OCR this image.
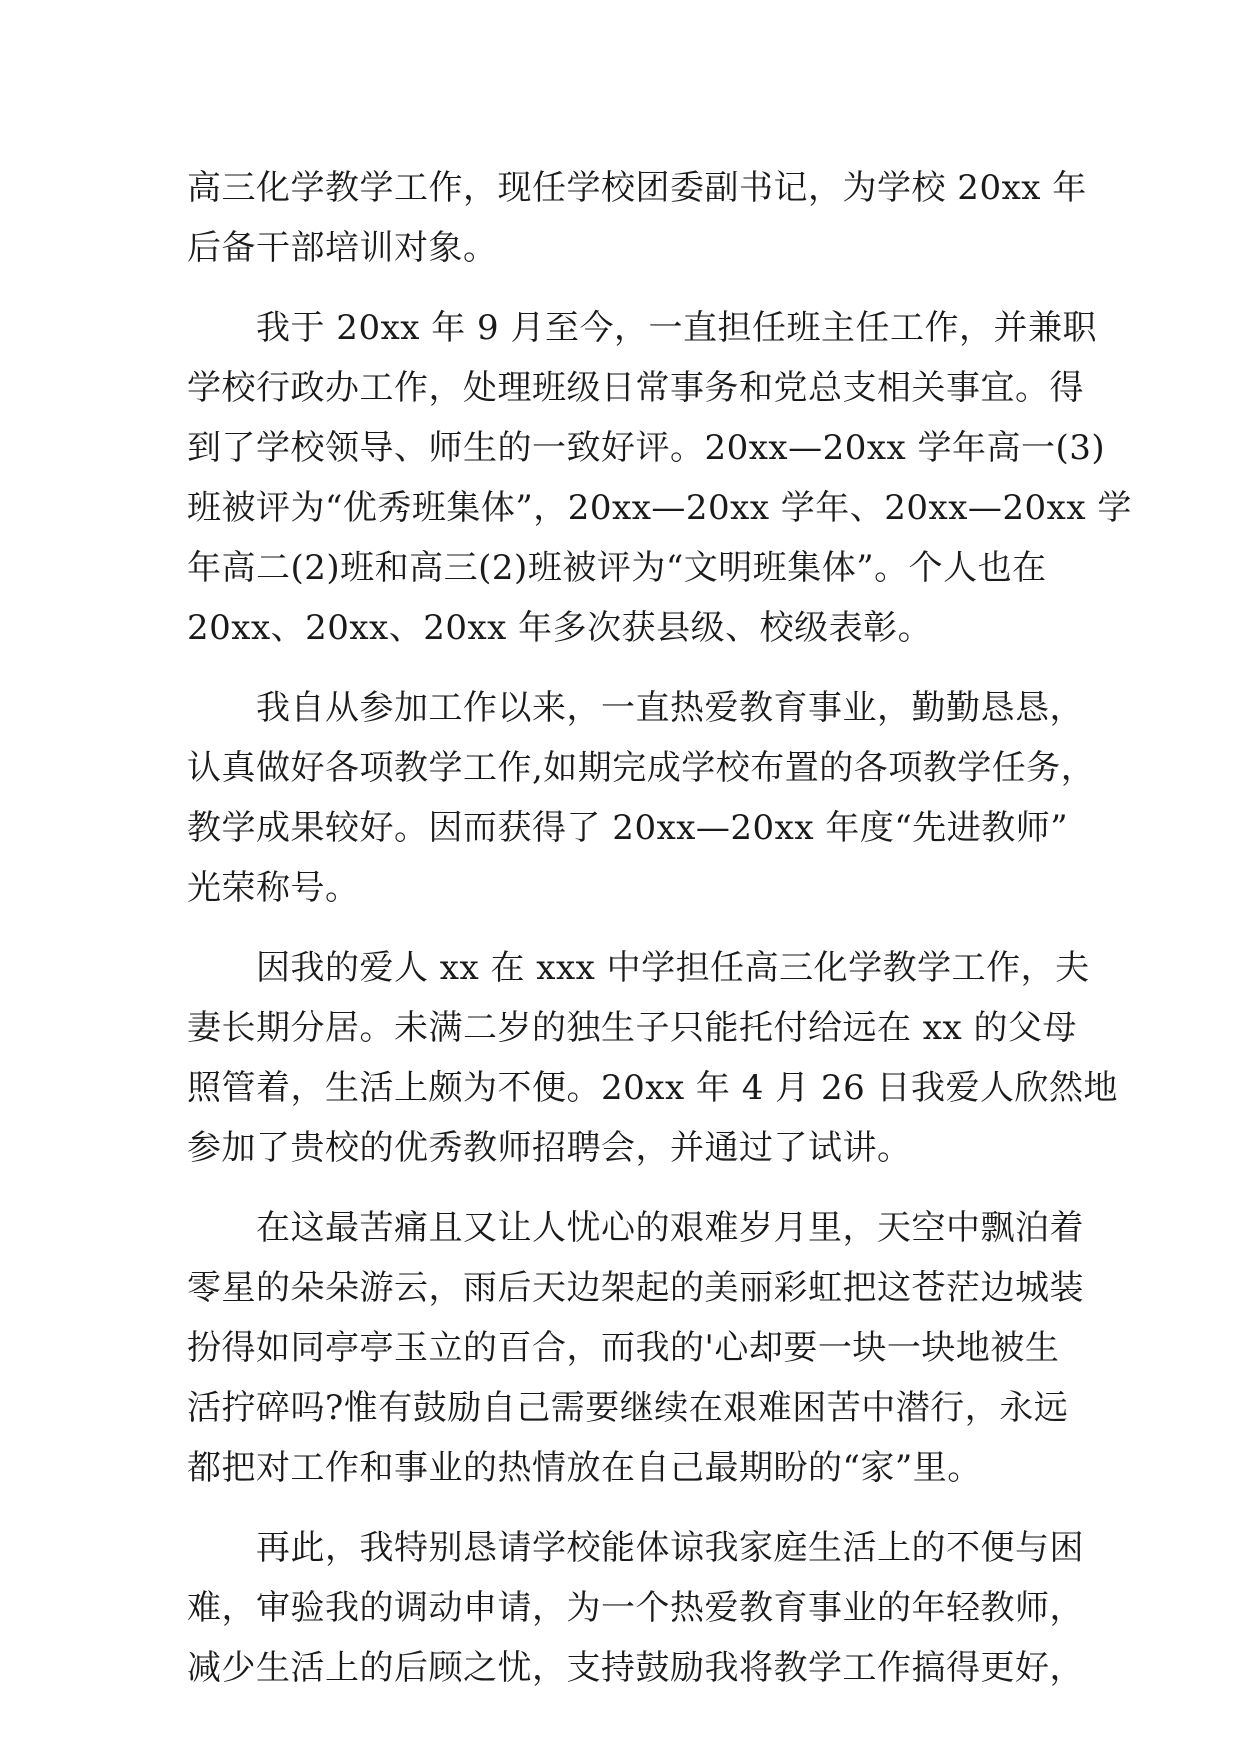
高三化学教学工作，现任学校团委副书记，为学校 20xx 年
后备干部培训对象。
我于 20xx 年 9 月至今，一直担任班主任工作，并兼职
学校行政办工作，处理班级日常事务和党总支相关事宜。得
到了学校领导、师生的一致好评。20xx—20xx 学年高一(3)
班被评为“优秀班集体”，20xx—20xx 学年、20xx—20xx 学
年高二(2)班和高三(2)班被评为“文明班集体”。个人也在
20xx、20xx、20xx 年多次获县级、校级表彰。
我自从参加工作以来，一直热爱教育事业，勤勤恳恳，
认真做好各项教学工作,如期完成学校布置的各项教学任务，
教学成果较好。因而获得了 20xx—20xx 年度“先进教师”
光荣称号。
因我的爱人 xx 在 xxx 中学担任高三化学教学工作，夫
妻长期分居。未满二岁的独生子只能托付给远在 xx 的父母
照管着，生活上颇为不便。20xx 年 4 月 26 日我爱人欣然地
参加了贵校的优秀教师招聘会，并通过了试讲。
在这最苦痛且又让人忧心的艰难岁月里，天空中飘泊着
零星的朵朵游云，雨后天边架起的美丽彩虹把这苍茫边城装
扮得如同亭亭玉立的百合，而我的'心却要一块一块地被生
活拧碎吗?惟有鼓励自己需要继续在艰难困苦中潜行，永远
都把对工作和事业的热情放在自己最期盼的“家”里。
再此，我特别恳请学校能体谅我家庭生活上的不便与困
难，审验我的调动申请，为一个热爱教育事业的年轻教师，
减少生活上的后顾之忧，支持鼓励我将教学工作搞得更好，
